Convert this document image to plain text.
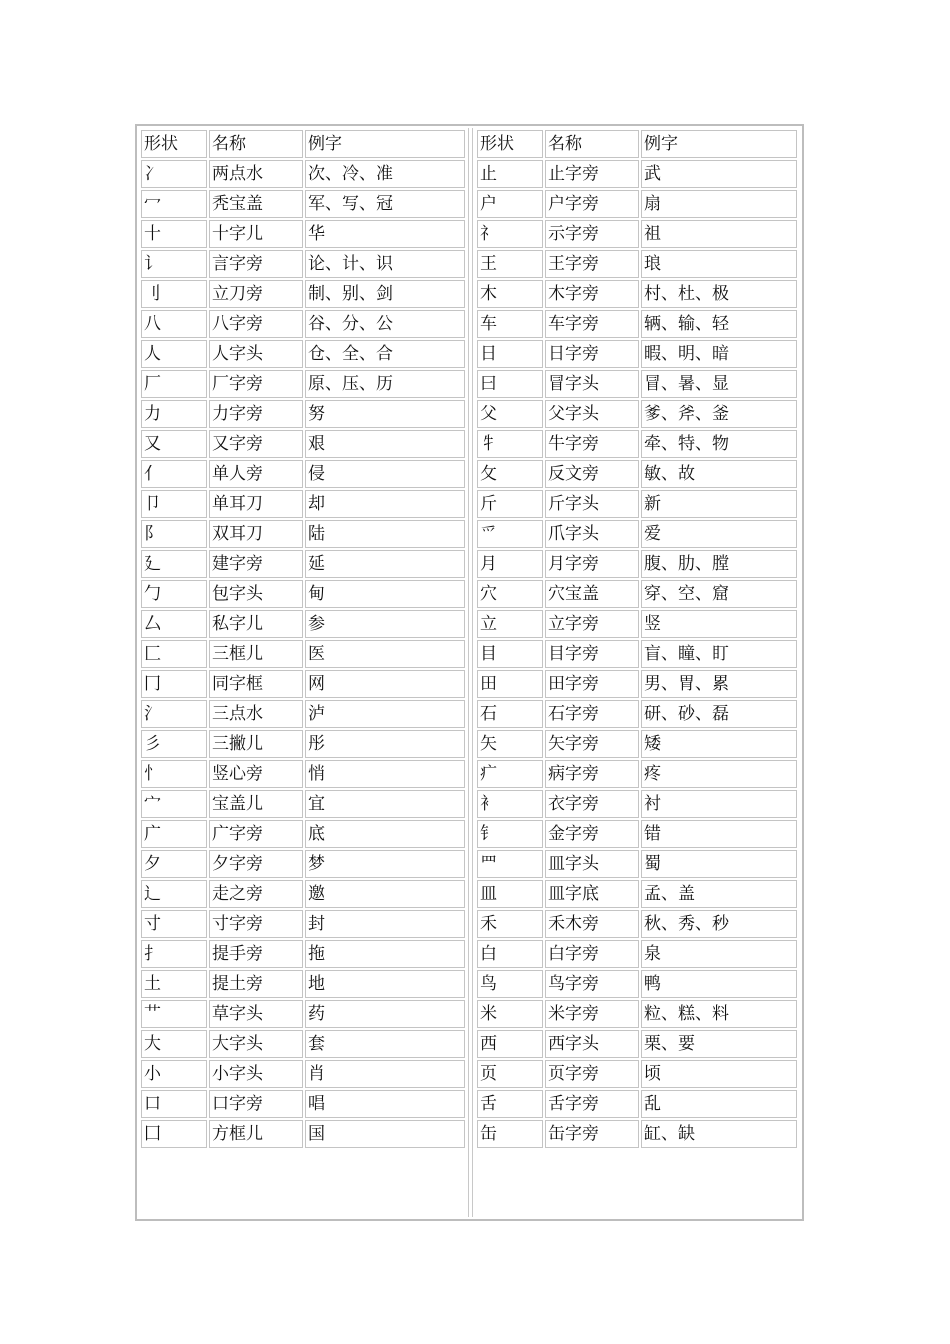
形状	名称	例字
冫	两点水	次、冷、准
冖	秃宝盖	军、写、冠
十	十字儿	华
讠	言字旁	论、计、识
刂	立刀旁	制、别、剑
八	八字旁	谷、分、公
人	人字头	仓、全、合
厂	厂字旁	原、压、历
力	力字旁	努
又	又字旁	艰
亻	单人旁	侵
卩	单耳刀	却
阝	双耳刀	陆
廴	建字旁	延
勹	包字头	甸
厶	私字儿	参
匚	三框儿	医
冂	同字框	网
氵	三点水	泸
彡	三撇儿	彤
忄	竖心旁	悄
宀	宝盖儿	宜
广	广字旁	底
夕	夕字旁	梦
辶	走之旁	邀
寸	寸字旁	封
扌	提手旁	拖
土	提土旁	地
艹	草字头	药
大	大字头	套
小	小字头	肖
口	口字旁	唱
囗	方框儿	国
形状	名称	例字
止	止字旁	武
户	户字旁	扇
礻	示字旁	祖
王	王字旁	琅
木	木字旁	村、杜、极
车	车字旁	辆、输、轻
日	日字旁	暇、明、暗
曰	冒字头	冒、暑、显
父	父字头	爹、斧、釜
牜	牛字旁	牵、特、物
攵	反文旁	敏、故
斤	斤字头	新
爫	爪字头	爱
月	月字旁	腹、肋、膛
穴	穴宝盖	穿、空、窟
立	立字旁	竖
目	目字旁	盲、瞳、盯
田	田字旁	男、胃、累
石	石字旁	研、砂、磊
矢	矢字旁	矮
疒	病字旁	疼
衤	衣字旁	衬
钅	金字旁	错
罒	皿字头	蜀
皿	皿字底	孟、盖
禾	禾木旁	秋、秀、秒
白	白字旁	泉
鸟	鸟字旁	鸭
米	米字旁	粒、糕、料
西	西字头	栗、要
页	页字旁	顷
舌	舌字旁	乱
缶	缶字旁	缸、缺
